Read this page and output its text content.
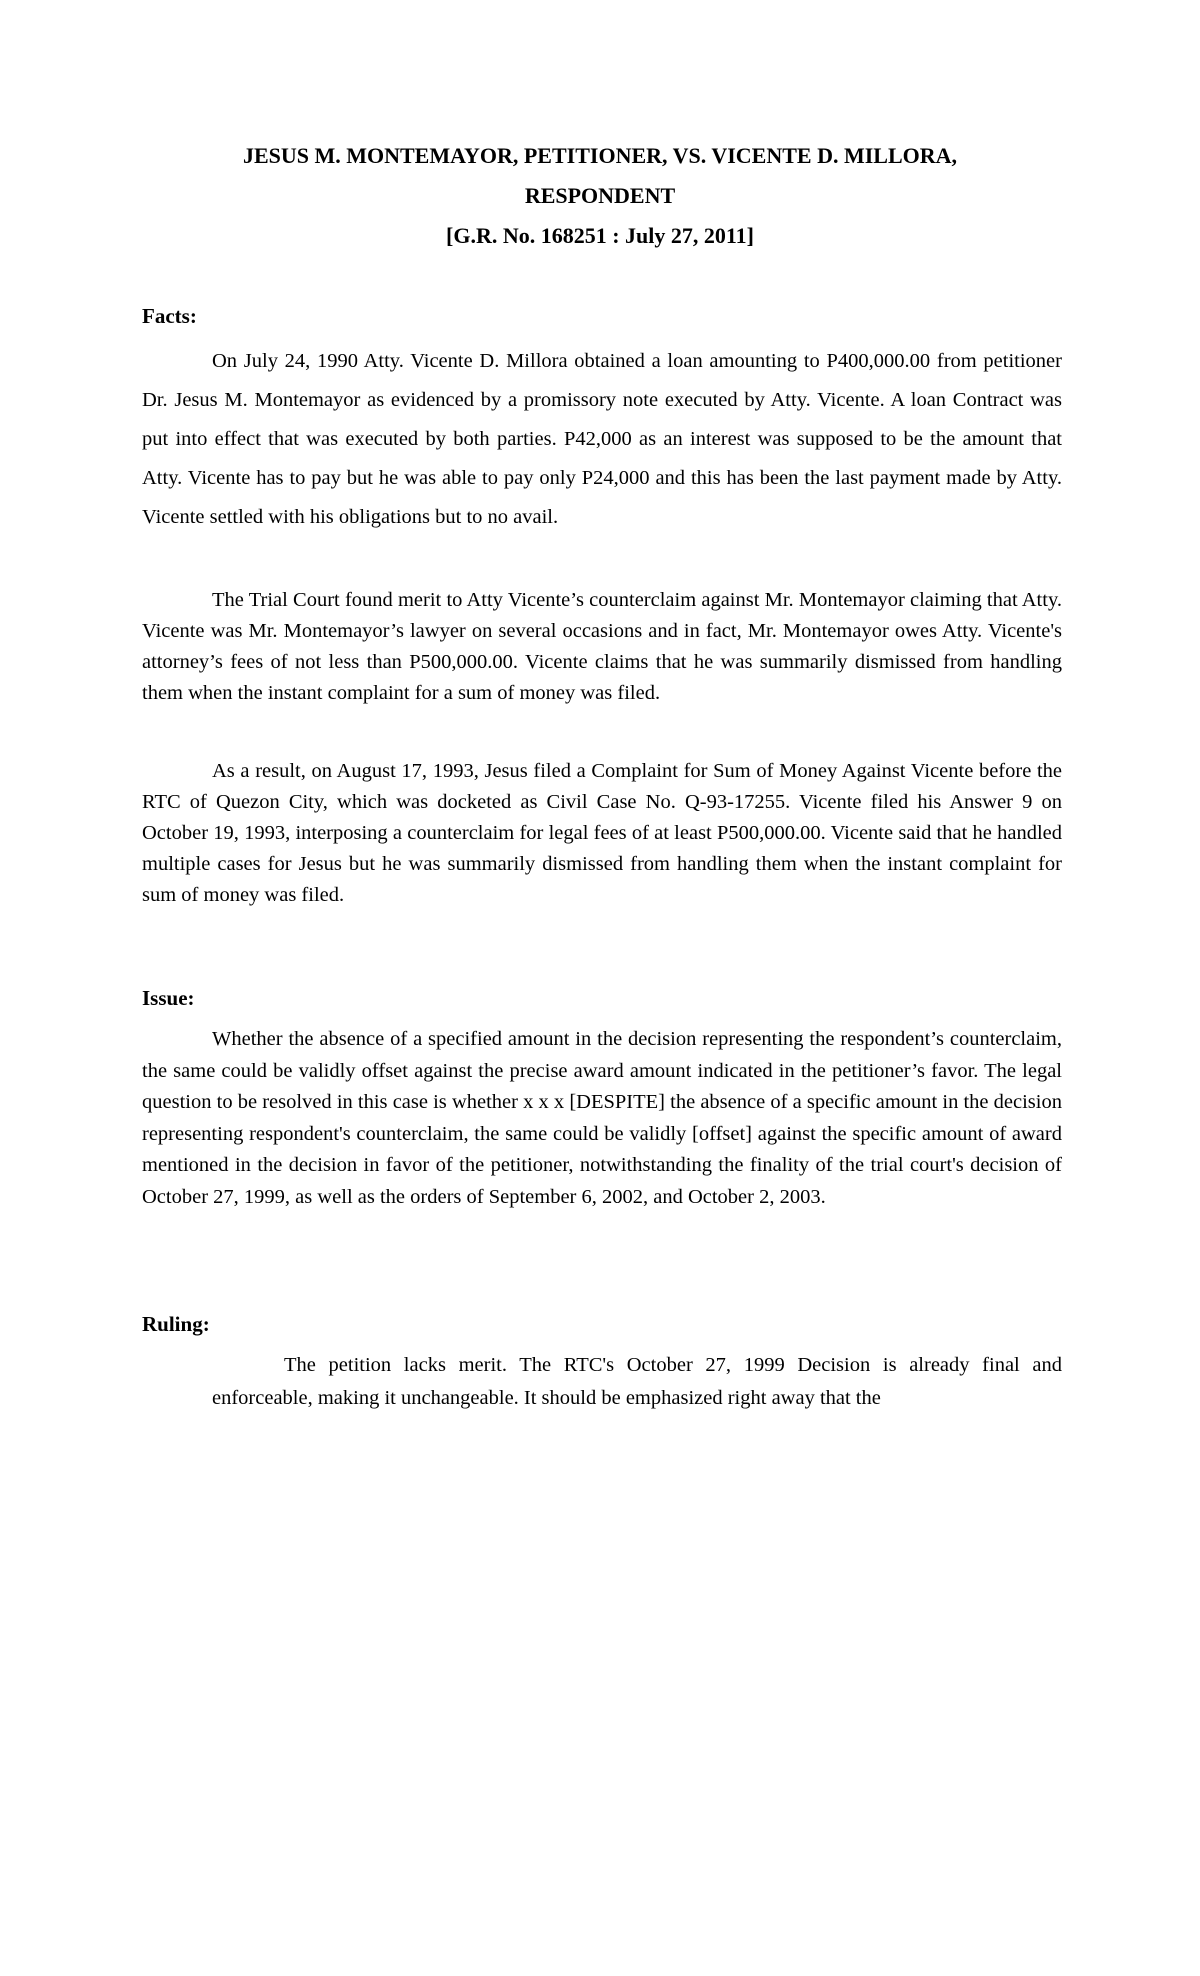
JESUS M. MONTEMAYOR, PETITIONER, VS. VICENTE D. MILLORA,
RESPONDENT
[G.R. No. 168251 : July 27, 2011]
Facts:

On July 24, 1990 Atty. Vicente D. Millora obtained a loan amounting to P400,000.00 from petitioner Dr. Jesus M. Montemayor as evidenced by a promissory note executed by Atty. Vicente. A loan Contract was put into effect that was executed by both parties. P42,000 as an interest was supposed to be the amount that Atty. Vicente has to pay but he was able to pay only P24,000 and this has been the last payment made by Atty. Vicente settled with his obligations but to no avail.

The Trial Court found merit to Atty Vicente’s counterclaim against Mr. Montemayor claiming that Atty. Vicente was Mr. Montemayor’s lawyer on several occasions and in fact, Mr. Montemayor owes Atty. Vicente's attorney’s fees of not less than P500,000.00. Vicente claims that he was summarily dismissed from handling them when the instant complaint for a sum of money was filed.

As a result, on August 17, 1993, Jesus filed a Complaint for Sum of Money Against Vicente before the RTC of Quezon City, which was docketed as Civil Case No. Q-93-17255. Vicente filed his Answer 9 on October 19, 1993, interposing a counterclaim for legal fees of at least P500,000.00. Vicente said that he handled multiple cases for Jesus but he was summarily dismissed from handling them when the instant complaint for sum of money was filed.

Issue:

Whether the absence of a specified amount in the decision representing the respondent’s counterclaim, the same could be validly offset against the precise award amount indicated in the petitioner’s favor. The legal question to be resolved in this case is whether x x x [DESPITE] the absence of a specific amount in the decision representing respondent's counterclaim, the same could be validly [offset] against the specific amount of award mentioned in the decision in favor of the petitioner, notwithstanding the finality of the trial court's decision of October 27, 1999, as well as the orders of September 6, 2002, and October 2, 2003.

Ruling:

The petition lacks merit. The RTC's October 27, 1999 Decision is already final and enforceable, making it unchangeable. It should be emphasized right away that the
